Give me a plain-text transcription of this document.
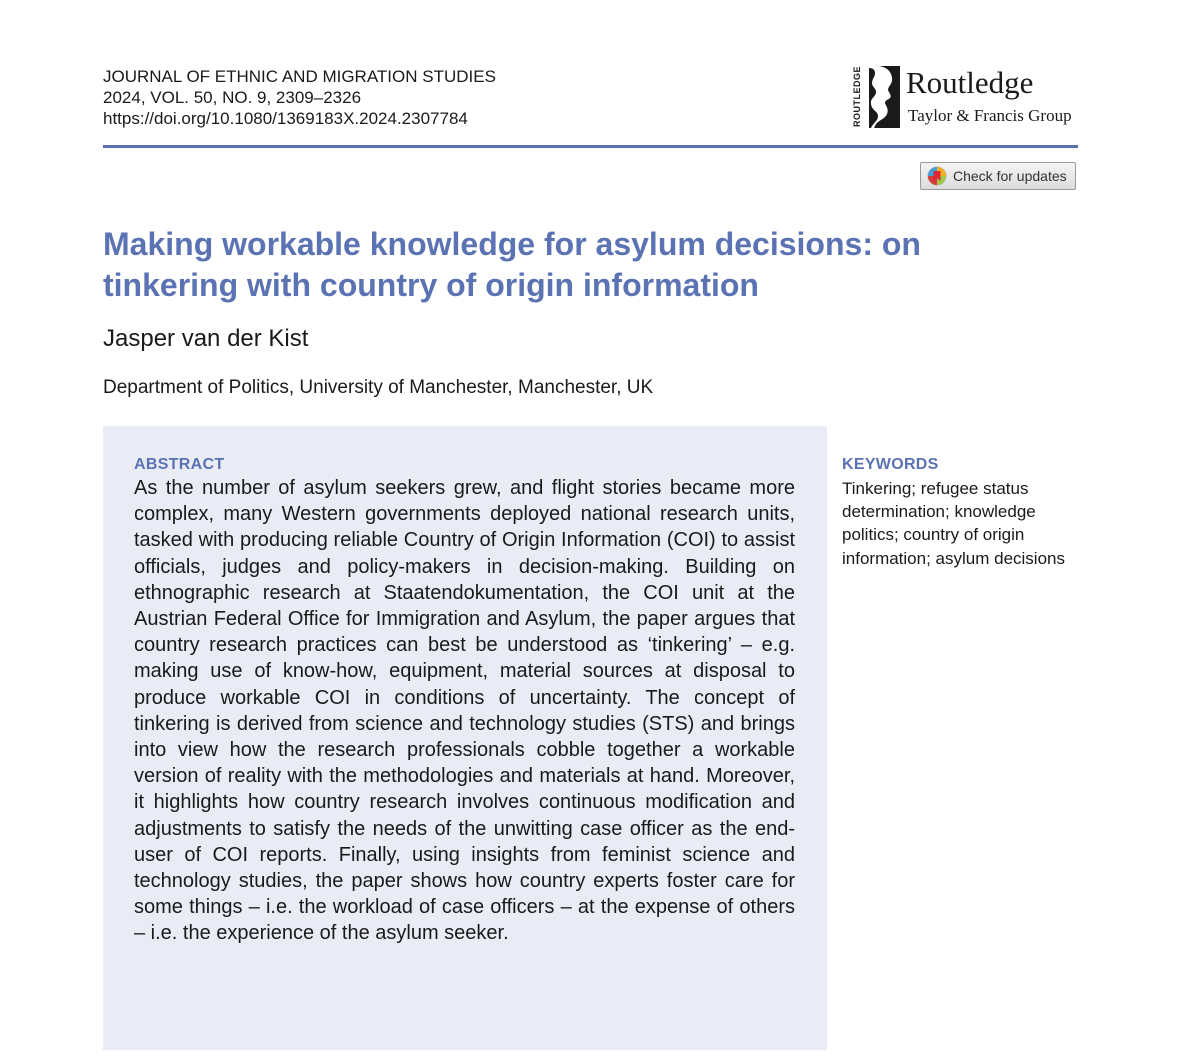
JOURNAL OF ETHNIC AND MIGRATION STUDIES
2024, VOL. 50, NO. 9, 2309–2326
https://doi.org/10.1080/1369183X.2024.2307784	ROUTLEDGE Routledge
Taylor & Francis Group
Check for updates
Making workable knowledge for asylum decisions: on tinkering with country of origin information
Jasper van der Kist
Department of Politics, University of Manchester, Manchester, UK
ABSTRACT

As the number of asylum seekers grew, and flight stories became more complex, many Western governments deployed national research units, tasked with producing reliable Country of Origin Information (COI) to assist officials, judges and policy-makers in decision-making. Building on ethnographic research at Staatendokumentation, the COI unit at the Austrian Federal Office for Immigration and Asylum, the paper argues that country research practices can best be understood as ‘tinkering’ – e.g. making use of know-how, equipment, material sources at disposal to produce workable COI in conditions of uncertainty. The concept of tinkering is derived from science and technology studies (STS) and brings into view how the research professionals cobble together a workable version of reality with the methodologies and materials at hand. Moreover, it highlights how country research involves continuous modification and adjustments to satisfy the needs of the unwitting case officer as the end-user of COI reports. Finally, using insights from feminist science and technology studies, the paper shows how country experts foster care for some things – i.e. the workload of case officers – at the expense of others – i.e. the experience of the asylum seeker.

KEYWORDS

Tinkering; refugee status determination; knowledge politics; country of origin information; asylum decisions
